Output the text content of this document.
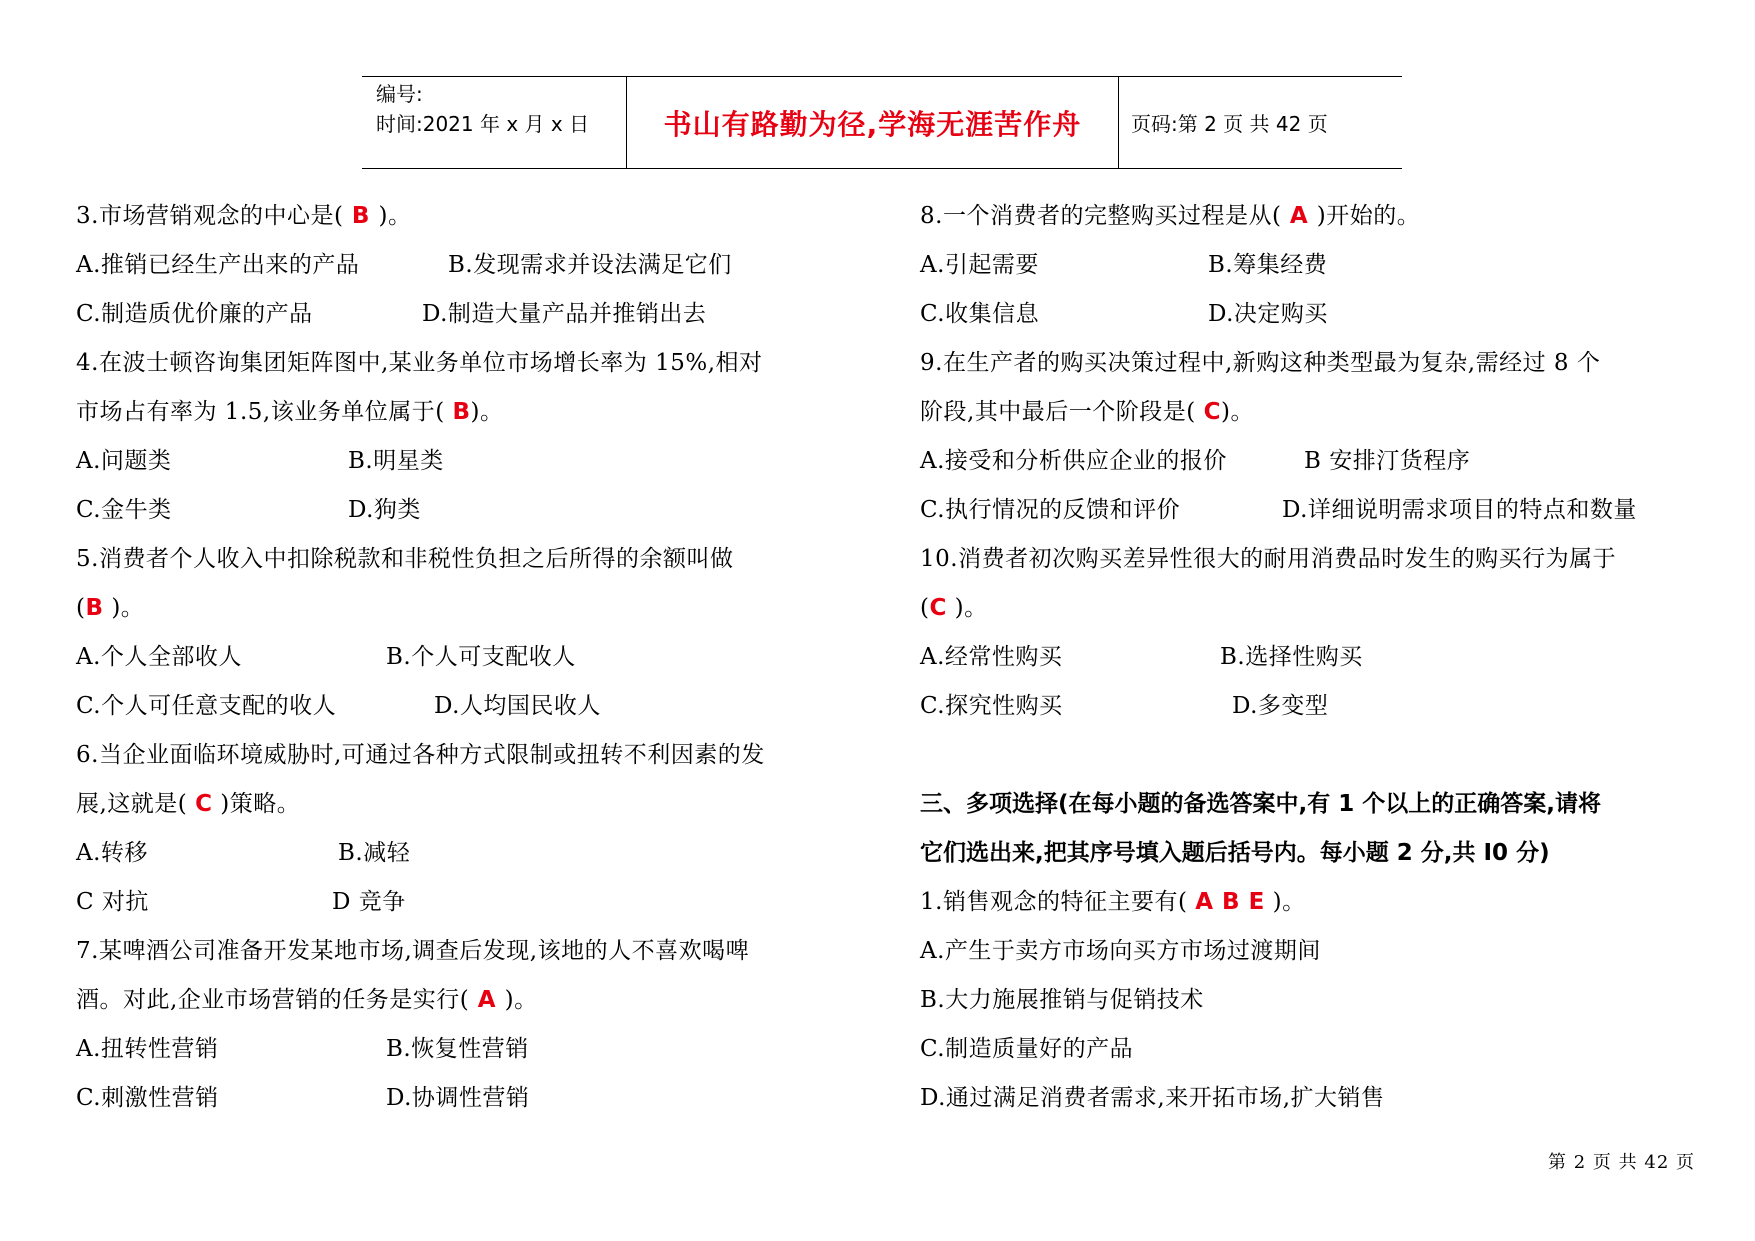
编号:
时间:2021 年 x 月 x 日	书山有路勤为径,学海无涯苦作舟 页码:第 2 页 共 42 页
3.市场营销观念的中心是( B )。
A.推销已经生产出来的产品	B.发现需求并设法满足它们
C.制造质优价廉的产品	D.制造大量产品并推销出去
4.在波士顿咨询集团矩阵图中,某业务单位市场增长率为 15%,相对
市场占有率为 1.5,该业务单位属于( B)。
A.问题类	B.明星类
C.金牛类	D.狗类
5.消费者个人收入中扣除税款和非税性负担之后所得的余额叫做
(B )。
A.个人全部收人	B.个人可支配收人
C.个人可任意支配的收人	D.人均国民收人
6.当企业面临环境威胁时,可通过各种方式限制或扭转不利因素的发
展,这就是( C )策略。
A.转移	B.减轻
C 对抗	D 竞争
7.某啤酒公司准备开发某地市场,调查后发现,该地的人不喜欢喝啤
酒。对此,企业市场营销的任务是实行( A )。
A.扭转性营销	B.恢复性营销
C.刺激性营销	D.协调性营销
8.一个消费者的完整购买过程是从( A )开始的。
A.引起需要	B.筹集经费
C.收集信息	D.决定购买
9.在生产者的购买决策过程中,新购这种类型最为复杂,需经过 8 个
阶段,其中最后一个阶段是( C)。
A.接受和分析供应企业的报价	B 安排汀货程序
C.执行情况的反馈和评价	D.详细说明需求项目的特点和数量
10.消费者初次购买差异性很大的耐用消费品时发生的购买行为属于
(C )。
A.经常性购买	B.选择性购买
C.探究性购买	D.多变型
三、多项选择(在每小题的备选答案中,有 1 个以上的正确答案,请将
它们选出来,把其序号填入题后括号内。每小题 2 分,共 I0 分)
1.销售观念的特征主要有( A B E )。
A.产生于卖方市场向买方市场过渡期间
B.大力施展推销与促销技术
C.制造质量好的产品
D.通过满足消费者需求,来开拓市场,扩大销售
第 2 页 共 42 页
